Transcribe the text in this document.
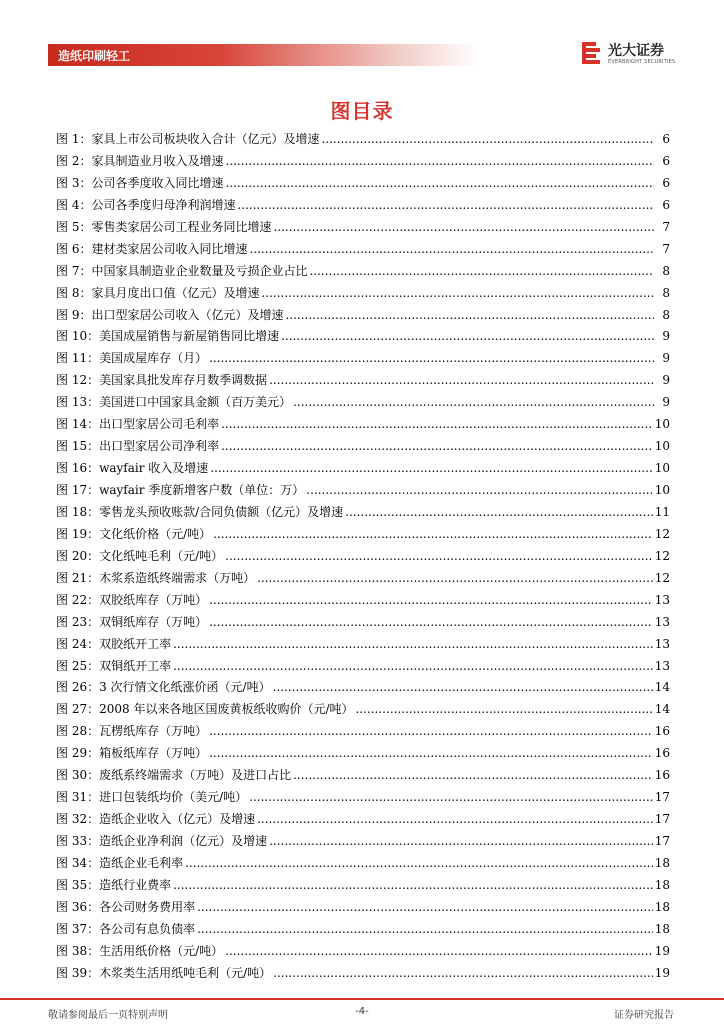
造纸印刷轻工	光大证券
EVERBRIGHT SECURITIES
图目录
图 1：家具上市公司板块收入合计（亿元）及增速 .....	6
图 2：家具制造业月收入及增速 .....	6
图 3：公司各季度收入同比增速 .....	6
图 4：公司各季度归母净利润增速 .....	6
图 5：零售类家居公司工程业务同比增速 .....	7
图 6：建材类家居公司收入同比增速 .....	7
图 7：中国家具制造业企业数量及亏损企业占比 .....	8
图 8：家具月度出口值（亿元）及增速 .....	8
图 9：出口型家居公司收入（亿元）及增速 .....	8
图 10：美国成屋销售与新屋销售同比增速 .....	9
图 11：美国成屋库存（月） .....	9
图 12：美国家具批发库存月数季调数据 .....	9
图 13：美国进口中国家具金额（百万美元） .....	9
图 14：出口型家居公司毛利率 .....	10
图 15：出口型家居公司净利率 .....	10
图 16：wayfair 收入及增速 .....	10
图 17：wayfair 季度新增客户数（单位：万） .....	10
图 18：零售龙头预收账款/合同负债额（亿元）及增速 .....	11
图 19：文化纸价格（元/吨） .....	12
图 20：文化纸吨毛利（元/吨） .....	12
图 21：木浆系造纸终端需求（万吨） .....	12
图 22：双胶纸库存（万吨） .....	13
图 23：双铜纸库存（万吨） .....	13
图 24：双胶纸开工率 .....	13
图 25：双铜纸开工率 .....	13
图 26：3 次行情文化纸涨价函（元/吨） .....	14
图 27：2008 年以来各地区国废黄板纸收购价（元/吨） .....	14
图 28：瓦楞纸库存（万吨） .....	16
图 29：箱板纸库存（万吨） .....	16
图 30：废纸系终端需求（万吨）及进口占比 .....	16
图 31：进口包装纸均价（美元/吨） .....	17
图 32：造纸企业收入（亿元）及增速 .....	17
图 33：造纸企业净利润（亿元）及增速 .....	17
图 34：造纸企业毛利率 .....	18
图 35：造纸行业费率 .....	18
图 36：各公司财务费用率 .....	18
图 37：各公司有息负债率 .....	18
图 38：生活用纸价格（元/吨） .....	19
图 39：木浆类生活用纸吨毛利（元/吨） .....	19
敬请参阅最后一页特别声明	-4-	证券研究报告
